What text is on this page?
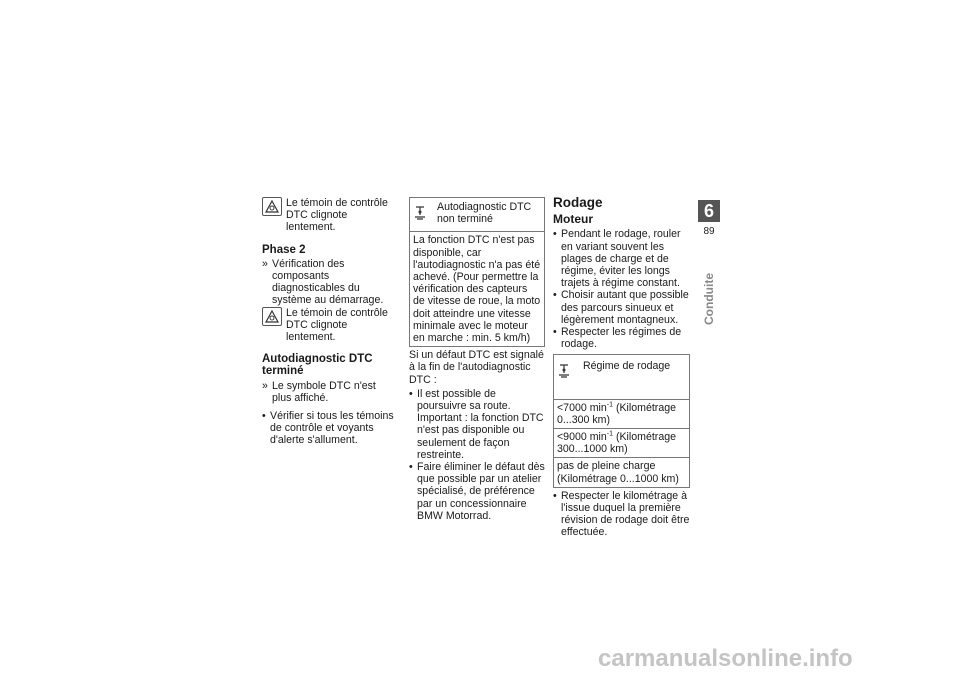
Le témoin de contrôle DTC clignote lentement.
Phase 2
» Vérification des composants diagnosticables du système au démarrage.
Le témoin de contrôle DTC clignote lentement.
Autodiagnostic DTC terminé
» Le symbole DTC n'est plus affiché.
• Vérifier si tous les témoins de contrôle et voyants d'alerte s'allument.
Autodiagnostic DTC non terminé
La fonction DTC n'est pas disponible, car l'autodiagnostic n'a pas été achevé. (Pour permettre la vérification des capteurs de vitesse de roue, la moto doit atteindre une vitesse minimale avec le moteur en marche : min. 5 km/h)
Si un défaut DTC est signalé à la fin de l'autodiagnostic DTC :
• Il est possible de poursuivre sa route. Important : la fonction DTC n'est pas disponible ou seulement de façon restreinte.
• Faire éliminer le défaut dès que possible par un atelier spécialisé, de préférence par un concessionnaire BMW Motorrad.
Rodage
Moteur
• Pendant le rodage, rouler en variant souvent les plages de charge et de régime, éviter les longs trajets à régime constant.
• Choisir autant que possible des parcours sinueux et légèrement montagneux.
• Respecter les régimes de rodage.
Régime de rodage
<7000 $\min^{-1}$ (Kilométrage 0...300 km)
<9000 $\min^{-1}$ (Kilométrage 300...1000 km)
pas de pleine charge (Kilométrage 0...1000 km)
• Respecter le kilométrage à l'issue duquel la première révision de rodage doit être effectuée.
6
89
Conduite
carmanualsonline.info
